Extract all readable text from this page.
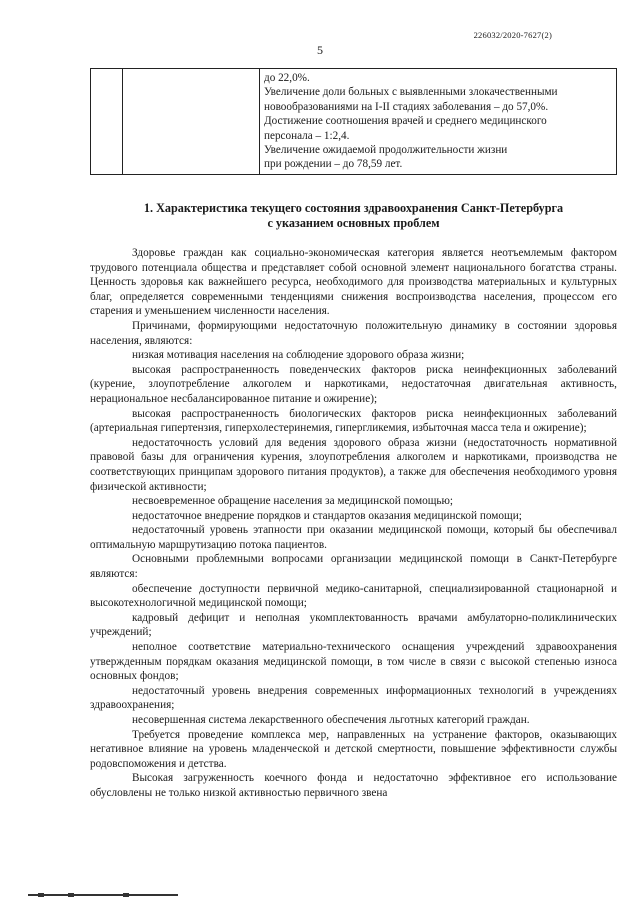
226032/2020-7627(2)
5

до 22,0%.
Увеличение доли больных с выявленными злокачественными
новообразованиями на I-II стадиях заболевания – до 57,0%.
Достижение соотношения врачей и среднего медицинского
персонала – 1:2,4.
Увеличение ожидаемой продолжительности жизни
при рождении – до 78,59 лет.
1. Характеристика текущего состояния здравоохранения Санкт-Петербурга
с указанием основных проблем

Здоровье граждан как социально-экономическая категория является неотъемлемым фактором трудового потенциала общества и представляет собой основной элемент национального богатства страны. Ценность здоровья как важнейшего ресурса, необходимого для производства материальных и культурных благ, определяется современными тенденциями снижения воспроизводства населения, процессом его старения и уменьшением численности населения.

Причинами, формирующими недостаточную положительную динамику в состоянии здоровья населения, являются:

низкая мотивация населения на соблюдение здорового образа жизни;

высокая распространенность поведенческих факторов риска неинфекционных заболеваний (курение, злоупотребление алкоголем и наркотиками, недостаточная двигательная активность, нерациональное несбалансированное питание и ожирение);

высокая распространенность биологических факторов риска неинфекционных заболеваний (артериальная гипертензия, гиперхолестеринемия, гипергликемия, избыточная масса тела и ожирение);

недостаточность условий для ведения здорового образа жизни (недостаточность нормативной правовой базы для ограничения курения, злоупотребления алкоголем и наркотиками, производства не соответствующих принципам здорового питания продуктов), а также для обеспечения необходимого уровня физической активности;

несвоевременное обращение населения за медицинской помощью;

недостаточное внедрение порядков и стандартов оказания медицинской помощи;

недостаточный уровень этапности при оказании медицинской помощи, который бы обеспечивал оптимальную маршрутизацию потока пациентов.

Основными проблемными вопросами организации медицинской помощи в Санкт-Петербурге являются:

обеспечение доступности первичной медико-санитарной, специализированной стационарной и высокотехнологичной медицинской помощи;

кадровый дефицит и неполная укомплектованность врачами амбулаторно-поликлинических учреждений;

неполное соответствие материально-технического оснащения учреждений здравоохранения утвержденным порядкам оказания медицинской помощи, в том числе в связи с высокой степенью износа основных фондов;

недостаточный уровень внедрения современных информационных технологий в учреждениях здравоохранения;

несовершенная система лекарственного обеспечения льготных категорий граждан.

Требуется проведение комплекса мер, направленных на устранение факторов, оказывающих негативное влияние на уровень младенческой и детской смертности, повышение эффективности службы родовспоможения и детства.

Высокая загруженность коечного фонда и недостаточно эффективное его использование обусловлены не только низкой активностью первичного звена
